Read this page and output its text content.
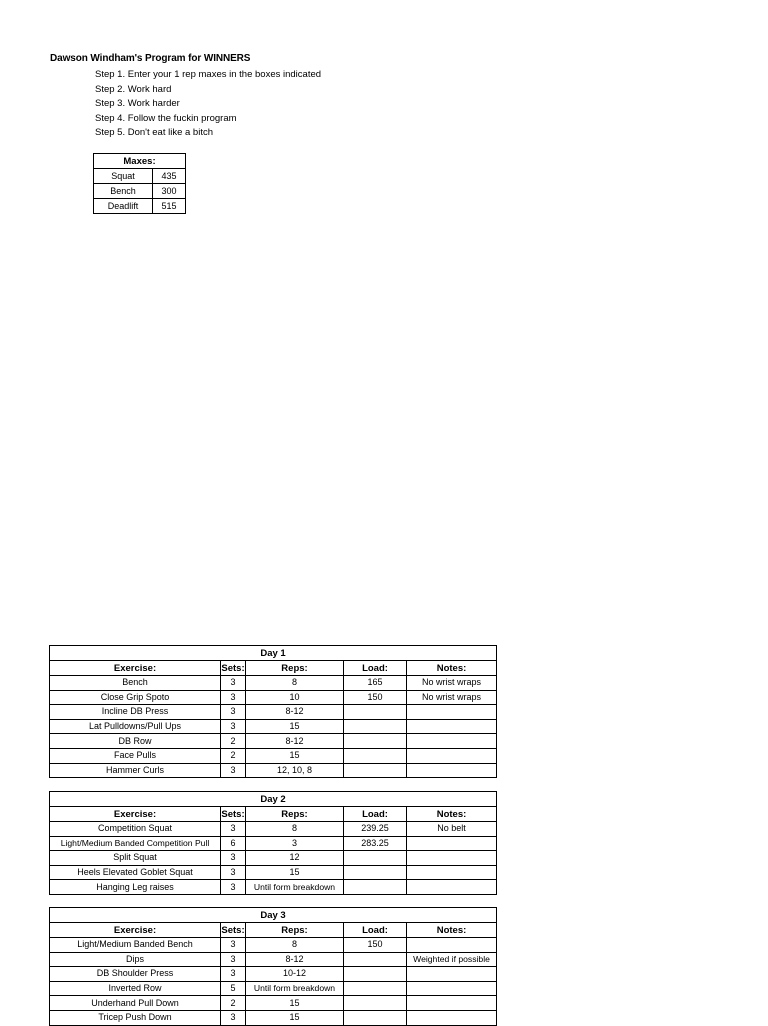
Dawson Windham's Program for WINNERS
Step 1. Enter your 1 rep maxes in the boxes indicated
Step 2. Work hard
Step 3. Work harder
Step 4. Follow the fuckin program
Step 5. Don't eat like a bitch
Maxes:	
Squat	435
Bench	300
Deadlift	515
Day 1				
Exercise:	Sets:	Reps:	Load:	Notes:
Bench	3	8	165	No wrist wraps
Close Grip Spoto	3	10	150	No wrist wraps
Incline DB Press	3	8-12		
Lat Pulldowns/Pull Ups	3	15		
DB Row	2	8-12		
Face Pulls	2	15		
Hammer Curls	3	12, 10, 8		
Day 2				
Exercise:	Sets:	Reps:	Load:	Notes:
Competition Squat	3	8	239.25	No belt
Light/Medium Banded Competition Pull	6	3	283.25	
Split Squat	3	12		
Heels Elevated Goblet Squat	3	15		
Hanging Leg raises	3	Until form breakdown		
Day 3				
Exercise:	Sets:	Reps:	Load:	Notes:
Light/Medium Banded Bench	3	8	150	
Dips	3	8-12		Weighted if possible
DB Shoulder Press	3	10-12		
Inverted Row	5	Until form breakdown		
Underhand Pull Down	2	15		
Tricep Push Down	3	15		
